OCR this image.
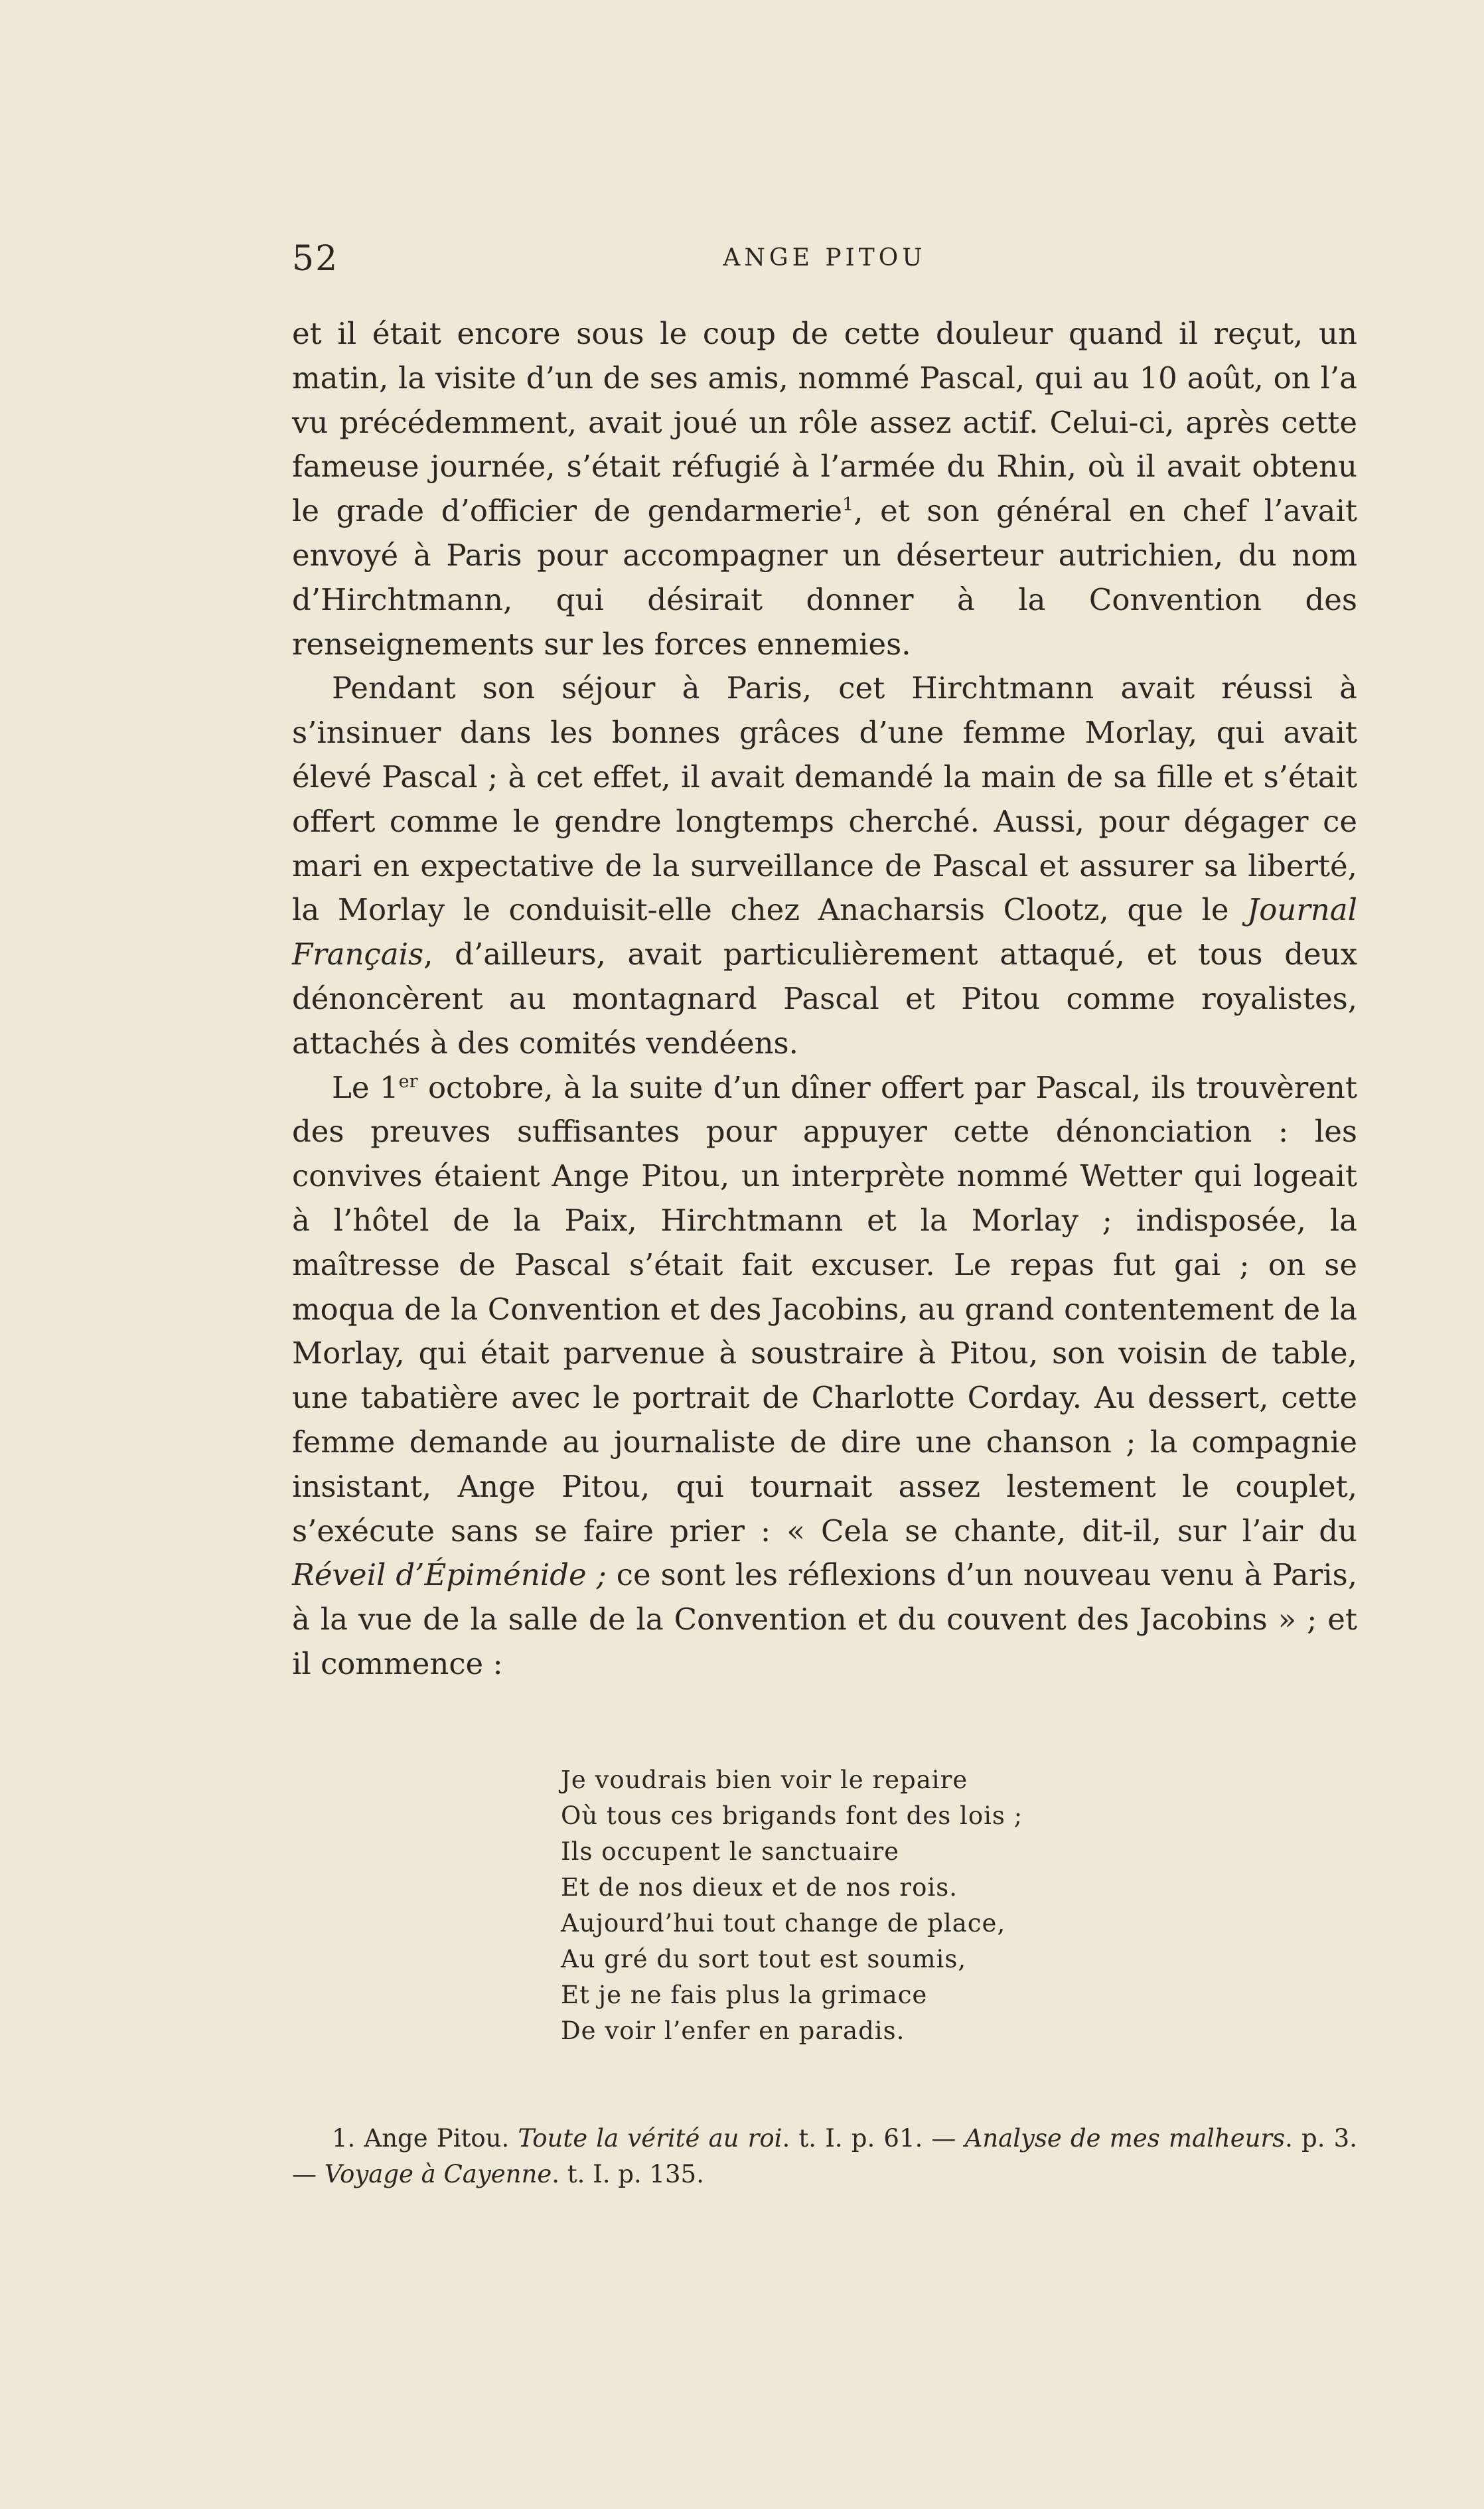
52	ANGE PITOU

et il était encore sous le coup de cette douleur quand il reçut, un matin, la visite d’un de ses amis, nommé Pascal, qui au 10 août, on l’a vu précédemment, avait joué un rôle assez actif. Celui-ci, après cette fameuse journée, s’était réfugié à l’armée du Rhin, où il avait obtenu le grade d’officier de gendarmerie$^1$, et son général en chef l’avait envoyé à Paris pour accompagner un déserteur autrichien, du nom d’Hirchtmann, qui désirait donner à la Convention des renseignements sur les forces ennemies.

Pendant son séjour à Paris, cet Hirchtmann avait réussi à s’insinuer dans les bonnes grâces d’une femme Morlay, qui avait élevé Pascal ; à cet effet, il avait demandé la main de sa fille et s’était offert comme le gendre longtemps cherché. Aussi, pour dégager ce mari en expectative de la surveillance de Pascal et assurer sa liberté, la Morlay le conduisit-elle chez Anacharsis Clootz, que le Journal Français, d’ailleurs, avait particulièrement attaqué, et tous deux dénoncèrent au montagnard Pascal et Pitou comme royalistes, attachés à des comités vendéens.

Le 1er octobre, à la suite d’un dîner offert par Pascal, ils trouvèrent des preuves suffisantes pour appuyer cette dénonciation : les convives étaient Ange Pitou, un interprète nommé Wetter qui logeait à l’hôtel de la Paix, Hirchtmann et la Morlay ; indisposée, la maîtresse de Pascal s’était fait excuser. Le repas fut gai ; on se moqua de la Convention et des Jacobins, au grand contentement de la Morlay, qui était parvenue à soustraire à Pitou, son voisin de table, une tabatière avec le portrait de Charlotte Corday. Au dessert, cette femme demande au journaliste de dire une chanson ; la compagnie insistant, Ange Pitou, qui tournait assez lestement le couplet, s’exécute sans se faire prier : « Cela se chante, dit-il, sur l’air du Réveil d’Épiménide ; ce sont les réflexions d’un nouveau venu à Paris, à la vue de la salle de la Convention et du couvent des Jacobins » ; et il commence :

Je voudrais bien voir le repaire
Où tous ces brigands font des lois ;
Ils occupent le sanctuaire
Et de nos dieux et de nos rois.
Aujourd’hui tout change de place,
Au gré du sort tout est soumis,
Et je ne fais plus la grimace
De voir l’enfer en paradis.
1. Ange Pitou. Toute la vérité au roi. t. I. p. 61. — Analyse de mes malheurs. p. 3. — Voyage à Cayenne. t. I. p. 135.
